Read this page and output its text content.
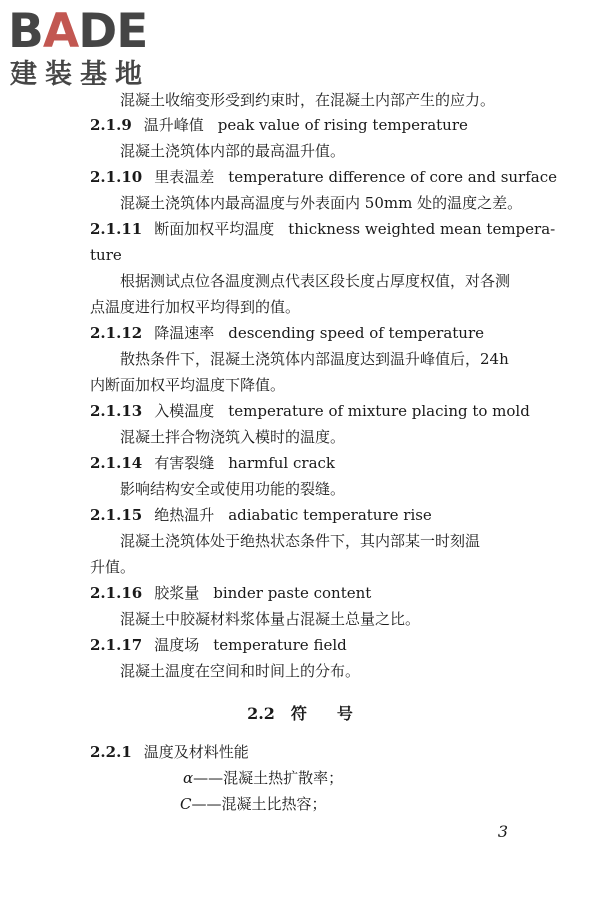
BADE
建装基地
混凝土收缩变形受到约束时，在混凝土内部产生的应力。
2.1.9 温升峰值 peak value of rising temperature
混凝土浇筑体内部的最高温升值。
2.1.10 里表温差 temperature difference of core and surface
混凝土浇筑体内最高温度与外表面内 50mm 处的温度之差。
2.1.11 断面加权平均温度 thickness weighted mean tempera-
ture
根据测试点位各温度测点代表区段长度占厚度权值，对各测
点温度进行加权平均得到的值。
2.1.12 降温速率 descending speed of temperature
散热条件下，混凝土浇筑体内部温度达到温升峰值后，24h
内断面加权平均温度下降值。
2.1.13 入模温度 temperature of mixture placing to mold
混凝土拌合物浇筑入模时的温度。
2.1.14 有害裂缝 harmful crack
影响结构安全或使用功能的裂缝。
2.1.15 绝热温升 adiabatic temperature rise
混凝土浇筑体处于绝热状态条件下，其内部某一时刻温
升值。
2.1.16 胶浆量 binder paste content
混凝土中胶凝材料浆体量占混凝土总量之比。
2.1.17 温度场 temperature field
混凝土温度在空间和时间上的分布。
2.2 符 号
2.2.1 温度及材料性能
α——混凝土热扩散率；
C——混凝土比热容；
3
